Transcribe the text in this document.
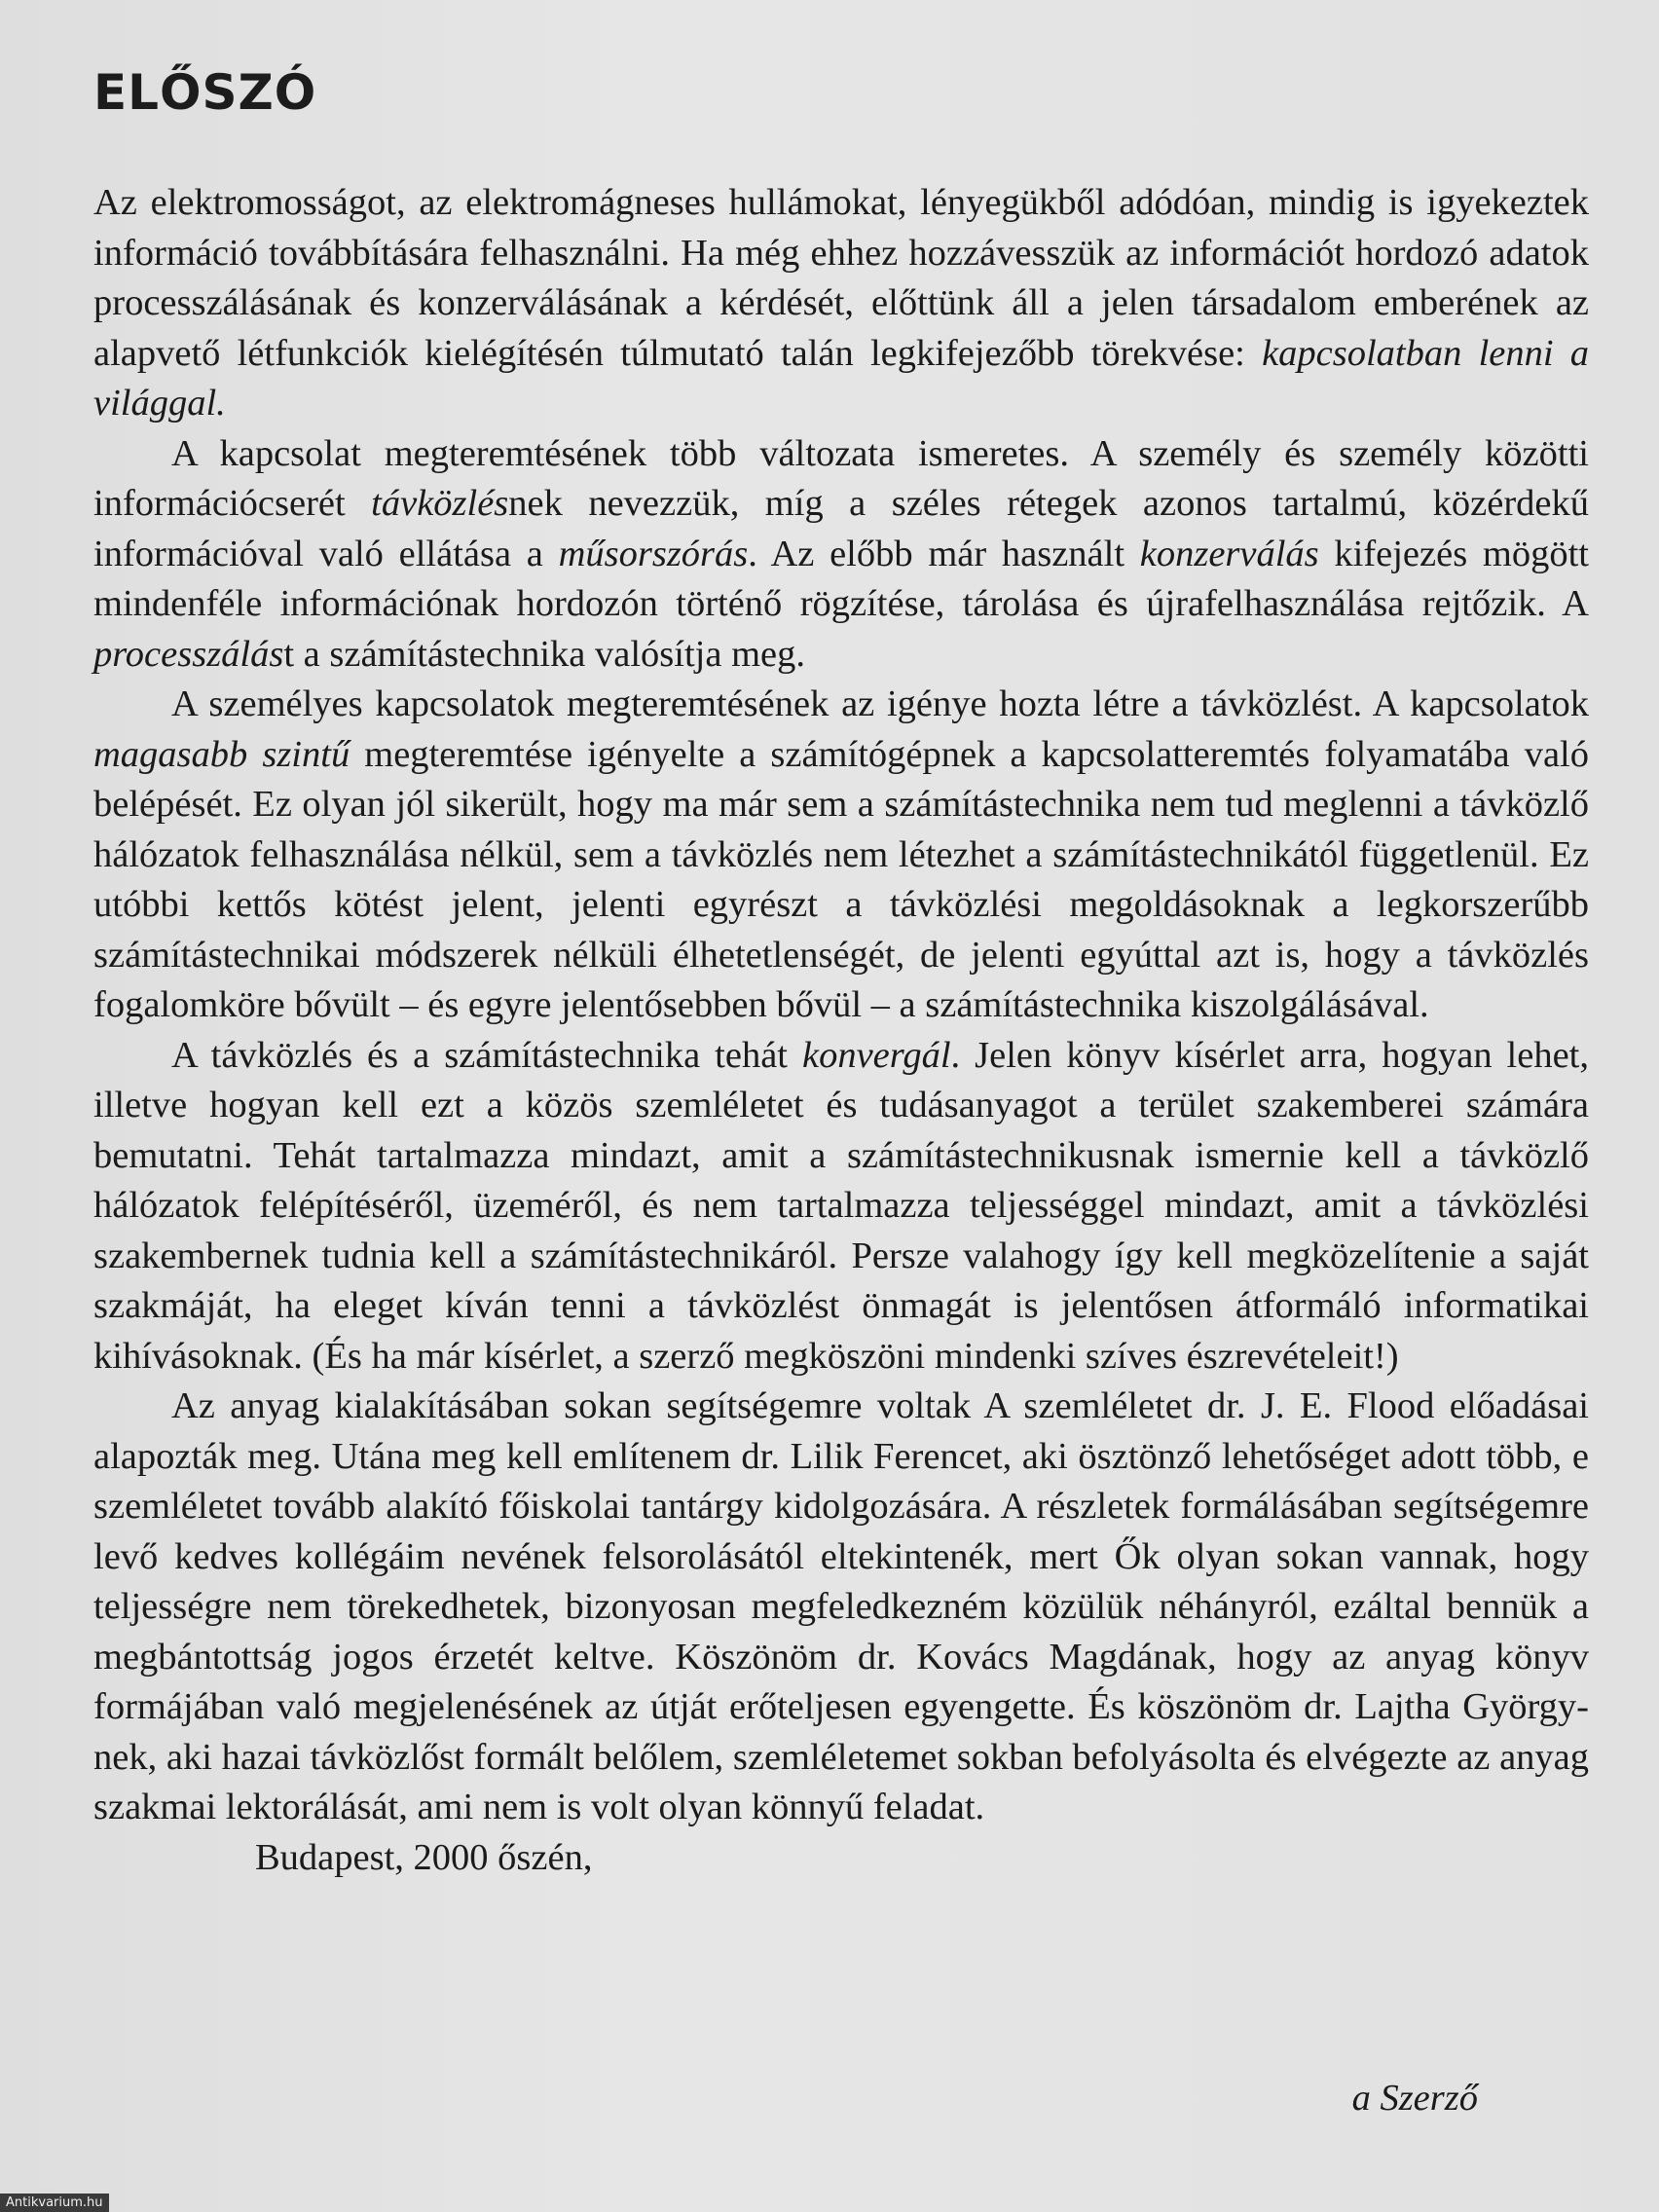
ELŐSZÓ

Az elektromosságot, az elektromágneses hullámokat, lényegükből adódóan, mindig is igyekeztek információ továbbítására felhasználni. Ha még ehhez hozzávesszük az információt hordozó adatok processzálásának és konzerválásának a kérdését, előttünk áll a jelen társadalom emberének az alapvető létfunkciók kielégítésén túlmutató talán legkifejezőbb törekvése: kapcsolatban lenni a világgal.

A kapcsolat megteremtésének több változata ismeretes. A személy és személy közötti információcserét távközlésnek nevezzük, míg a széles rétegek azonos tartalmú, közérdekű információval való ellátása a műsorszórás. Az előbb már használt konzerválás kifejezés mögött mindenféle információnak hordozón történő rögzítése, tárolása és újrafelhasználása rejtőzik. A processzálást a számítástechnika valósítja meg.

A személyes kapcsolatok megteremtésének az igénye hozta létre a távközlést. A kapcsolatok magasabb szintű megteremtése igényelte a számítógépnek a kapcsolatteremtés folyamatába való belépését. Ez olyan jól sikerült, hogy ma már sem a számítástechnika nem tud meglenni a távközlő hálózatok felhasználása nélkül, sem a távközlés nem létezhet a számítástechnikától függetlenül. Ez utóbbi kettős kötést jelent, jelenti egyrészt a távközlési megoldásoknak a legkorszerűbb számítástechnikai módszerek nélküli élhetetlenségét, de jelenti egyúttal azt is, hogy a távközlés fogalomköre bővült – és egyre jelentősebben bővül – a számítástechnika kiszolgálásával.

A távközlés és a számítástechnika tehát konvergál. Jelen könyv kísérlet arra, hogyan lehet, illetve hogyan kell ezt a közös szemléletet és tudásanyagot a terület szakemberei számára bemutatni. Tehát tartalmazza mindazt, amit a számítástechnikusnak ismernie kell a távközlő hálózatok felépítéséről, üzeméről, és nem tartalmazza teljességgel mindazt, amit a távközlési szakembernek tudnia kell a számítástechnikáról. Persze valahogy így kell megközelítenie a saját szakmáját, ha eleget kíván tenni a távközlést önmagát is jelentősen átformáló informatikai kihívásoknak. (És ha már kísérlet, a szerző megköszöni mindenki szíves észrevételeit!)

Az anyag kialakításában sokan segítségemre voltak A szemléletet dr. J. E. Flood előadásai alapozták meg. Utána meg kell említenem dr. Lilik Ferencet, aki ösztönző lehetőséget adott több, e szemléletet tovább alakító főiskolai tantárgy kidolgozására. A részletek formálásában segítségemre levő kedves kollégáim nevének felsorolásától eltekintenék, mert Ők olyan sokan vannak, hogy teljességre nem törekedhetek, bizonyosan megfeledkezném közülük néhányról, ezáltal bennük a megbántottság jogos érzetét keltve. Köszönöm dr. Kovács Magdának, hogy az anyag könyv formájában való megjelenésének az útját erőteljesen egyengette. És köszönöm dr. Lajtha Györgynek, aki hazai távközlőst formált belőlem, szemléletemet sokban befolyásolta és elvégezte az anyag szakmai lektorálását, ami nem is volt olyan könnyű feladat.

Budapest, 2000 őszén,

a Szerző
Antikvarium.hu
